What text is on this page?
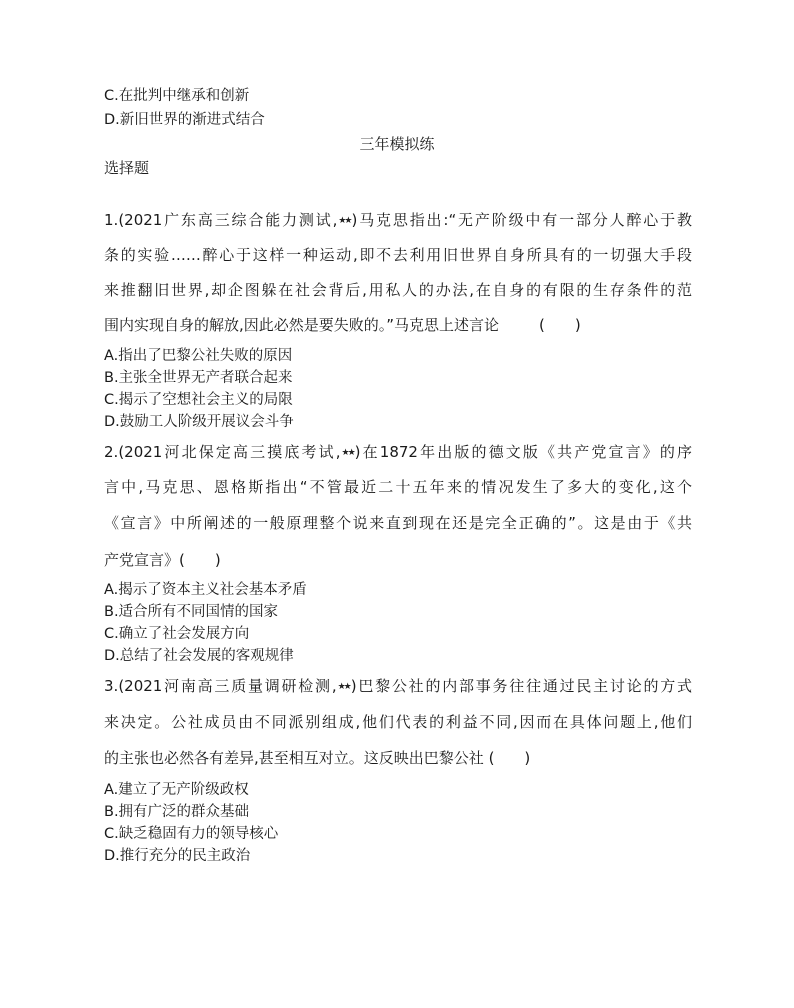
C.在批判中继承和创新
D.新旧世界的渐进式结合
三年模拟练
选择题
1.(2021广东高三综合能力测试,★★)马克思指出:“无产阶级中有一部分人醉心于教
条的实验……醉心于这样一种运动,即不去利用旧世界自身所具有的一切强大手段
来推翻旧世界,却企图躲在社会背后,用私人的办法,在自身的有限的生存条件的范
围内实现自身的解放,因此必然是要失败的。”马克思上述言论	(　　)
A.指出了巴黎公社失败的原因
B.主张全世界无产者联合起来
C.揭示了空想社会主义的局限
D.鼓励工人阶级开展议会斗争
2.(2021河北保定高三摸底考试,★★)在1872年出版的德文版《共产党宣言》的序
言中,马克思、恩格斯指出“不管最近二十五年来的情况发生了多大的变化,这个
《宣言》中所阐述的一般原理整个说来直到现在还是完全正确的”。这是由于《共
产党宣言》(　　)
A.揭示了资本主义社会基本矛盾
B.适合所有不同国情的国家
C.确立了社会发展方向
D.总结了社会发展的客观规律
3.(2021河南高三质量调研检测,★★)巴黎公社的内部事务往往通过民主讨论的方式
来决定。公社成员由不同派别组成,他们代表的利益不同,因而在具体问题上,他们
的主张也必然各有差异,甚至相互对立。这反映出巴黎公社 (　　)
A.建立了无产阶级政权
B.拥有广泛的群众基础
C.缺乏稳固有力的领导核心
D.推行充分的民主政治
